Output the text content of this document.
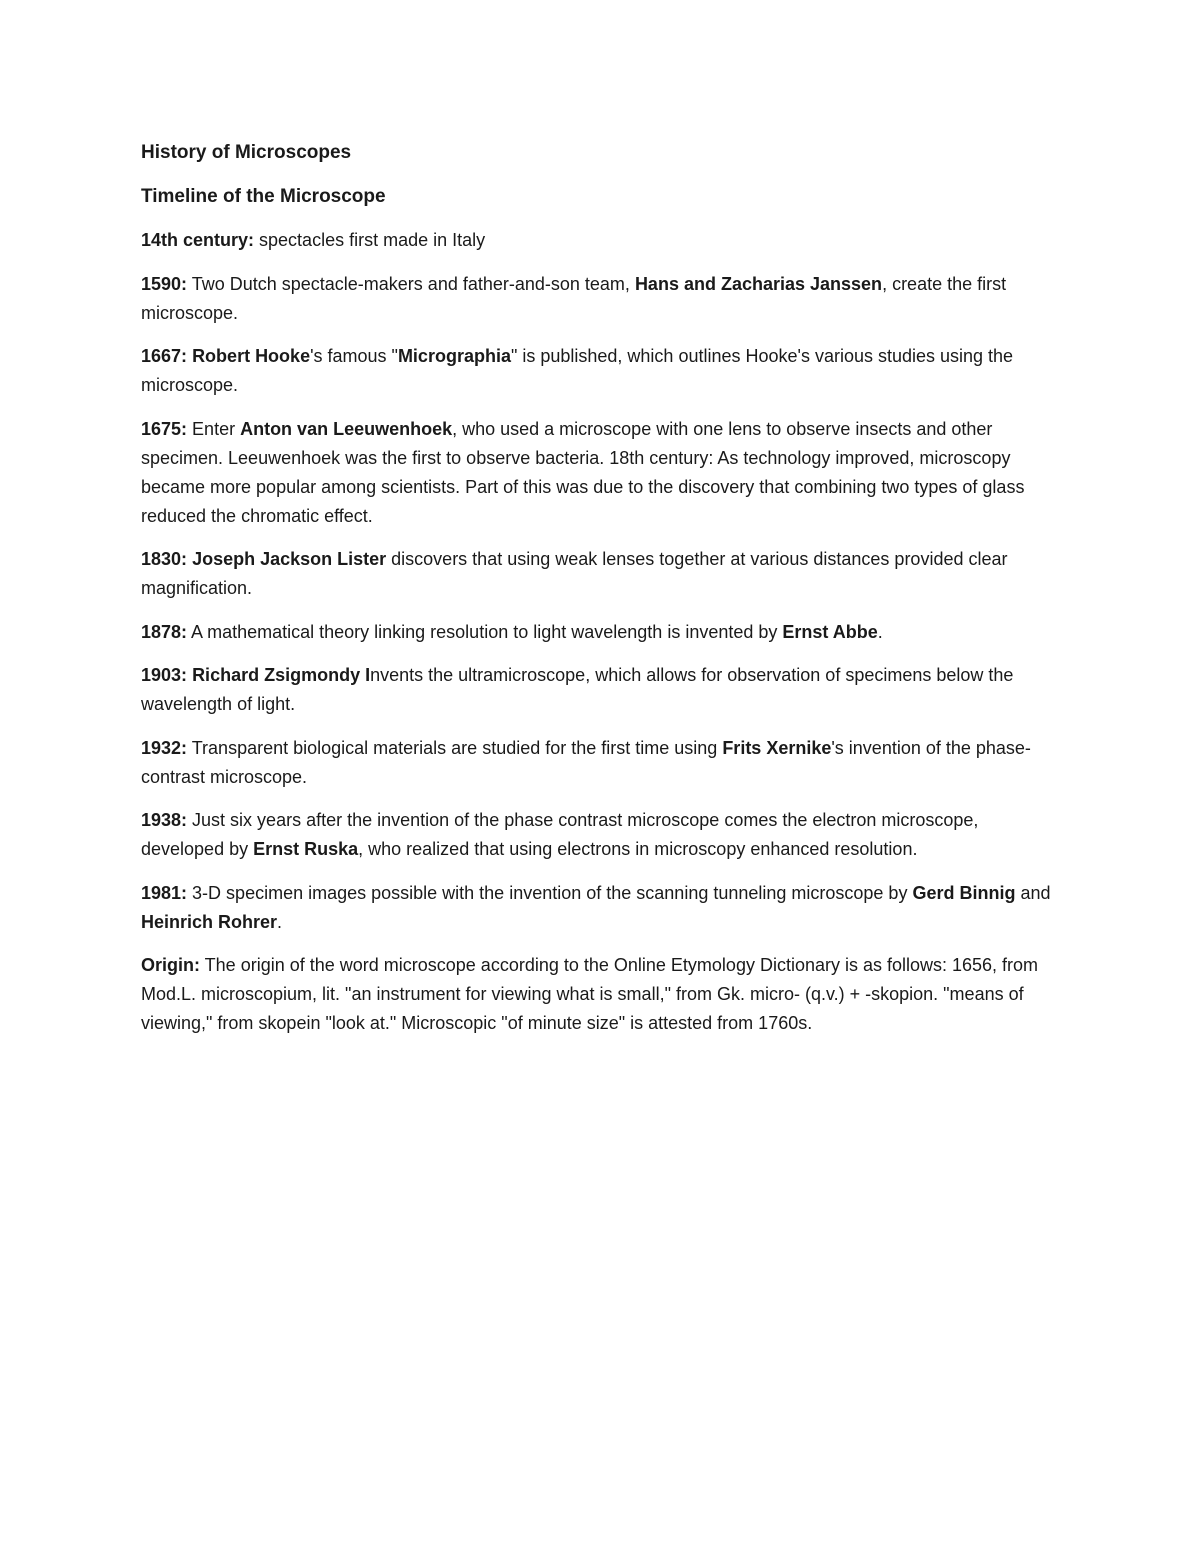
History of Microscopes

Timeline of the Microscope

14th century: spectacles first made in Italy

1590: Two Dutch spectacle-makers and father-and-son team, Hans and Zacharias Janssen, create the first microscope.

1667: Robert Hooke's famous "Micrographia" is published, which outlines Hooke's various studies using the microscope.

1675: Enter Anton van Leeuwenhoek, who used a microscope with one lens to observe insects and other specimen. Leeuwenhoek was the first to observe bacteria. 18th century: As technology improved, microscopy became more popular among scientists. Part of this was due to the discovery that combining two types of glass reduced the chromatic effect.

1830: Joseph Jackson Lister discovers that using weak lenses together at various distances provided clear magnification.

1878: A mathematical theory linking resolution to light wavelength is invented by Ernst Abbe.

1903: Richard Zsigmondy Invents the ultramicroscope, which allows for observation of specimens below the wavelength of light.

1932: Transparent biological materials are studied for the first time using Frits Xernike's invention of the phase-contrast microscope.

1938: Just six years after the invention of the phase contrast microscope comes the electron microscope, developed by Ernst Ruska, who realized that using electrons in microscopy enhanced resolution.

1981: 3-D specimen images possible with the invention of the scanning tunneling microscope by Gerd Binnig and Heinrich Rohrer.

Origin: The origin of the word microscope according to the Online Etymology Dictionary is as follows: 1656, from Mod.L. microscopium, lit. "an instrument for viewing what is small," from Gk. micro- (q.v.) + -skopion. "means of viewing," from skopein "look at." Microscopic "of minute size" is attested from 1760s.
